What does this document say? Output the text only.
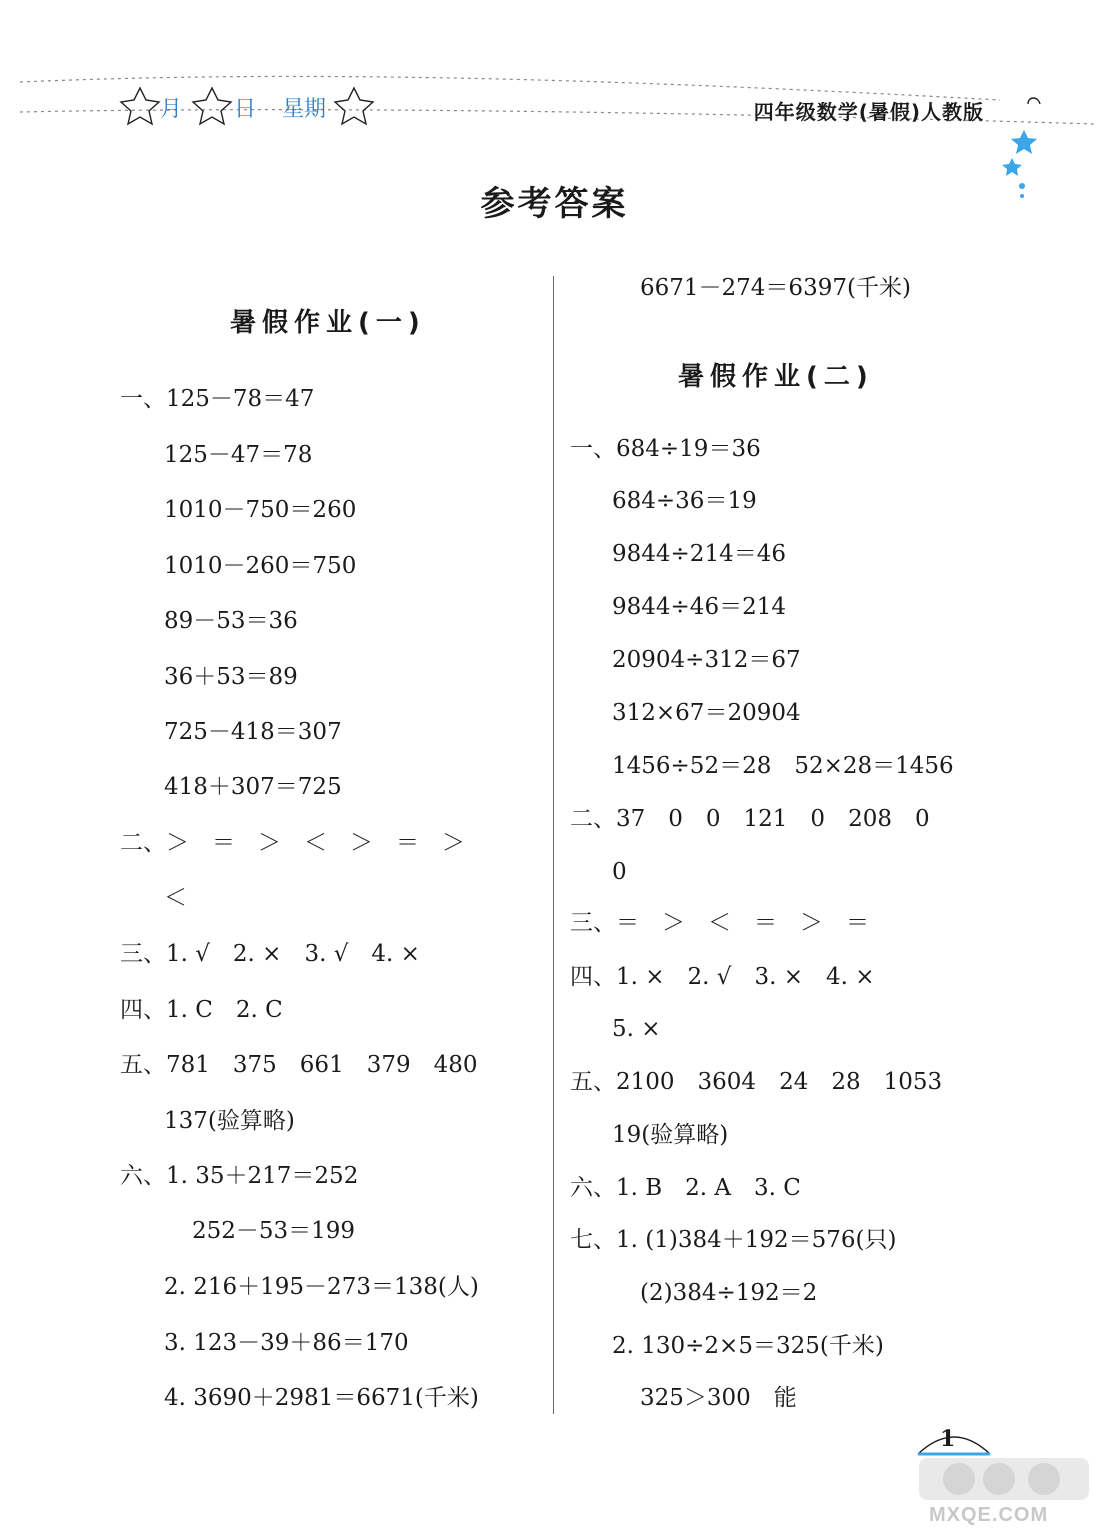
月 日 星期	四年级数学(暑假)人教版
参考答案
暑假作业(一)
一、125－78＝47
125－47＝78
1010－750＝260
1010－260＝750
89－53＝36
36＋53＝89
725－418＝307
418＋307＝725
二、＞　＝　＞　＜　＞　＝　＞
＜
三、1. √　2. ×　3. √　4. ×
四、1. C　2. C
五、781　375　661　379　480
137(验算略)
六、1. 35＋217＝252
252－53＝199
2. 216＋195－273＝138(人)
3. 123－39＋86＝170
4. 3690＋2981＝6671(千米)
6671－274＝6397(千米)
暑假作业(二)
一、684÷19＝36
684÷36＝19
9844÷214＝46
9844÷46＝214
20904÷312＝67
312×67＝20904
1456÷52＝28　52×28＝1456
二、37　0　0　121　0　208　0
0
三、＝　＞　＜　＝　＞　＝
四、1. ×　2. √　3. ×　4. ×
5. ×
五、2100　3604　24　28　1053
19(验算略)
六、1. B　2. A　3. C
七、1. (1)384＋192＝576(只)
(2)384÷192＝2
2. 130÷2×5＝325(千米)
325＞300　能
1
MXQE.COM
